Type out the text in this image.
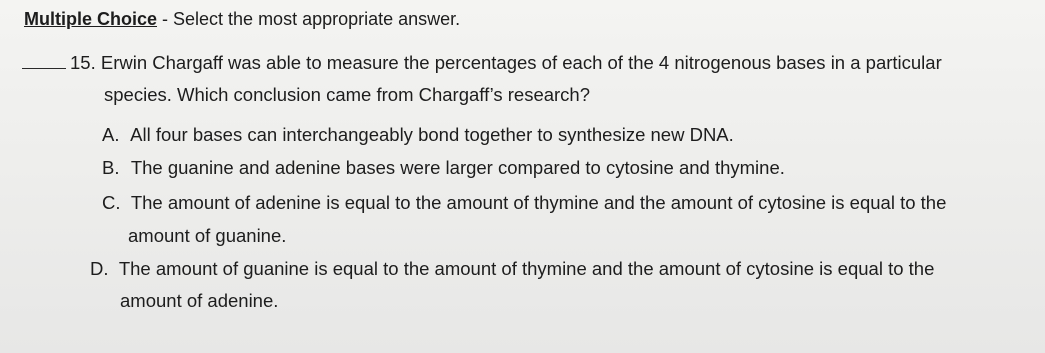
Multiple Choice - Select the most appropriate answer.
15. Erwin Chargaff was able to measure the percentages of each of the 4 nitrogenous bases in a particular
species. Which conclusion came from Chargaff’s research?
A. All four bases can interchangeably bond together to synthesize new DNA.
B. The guanine and adenine bases were larger compared to cytosine and thymine.
C. The amount of adenine is equal to the amount of thymine and the amount of cytosine is equal to the
amount of guanine.
D. The amount of guanine is equal to the amount of thymine and the amount of cytosine is equal to the
amount of adenine.
